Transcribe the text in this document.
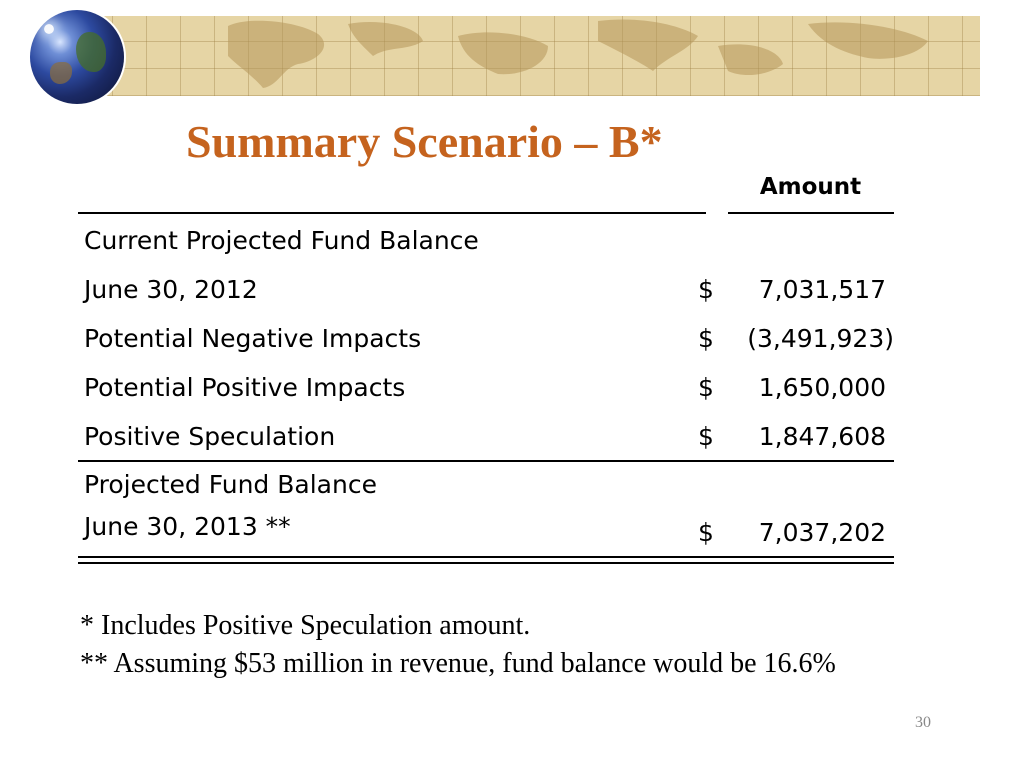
Summary Scenario – B*
Amount
Current Projected Fund Balance
June 30, 2012	$ 7,031,517
Potential Negative Impacts	$ (3,491,923)
Potential Positive Impacts	$ 1,650,000
Positive Speculation	$ 1,847,608
Projected Fund Balance
June 30, 2013 **	$ 7,037,202
* Includes Positive Speculation amount.
** Assuming $53 million in revenue, fund balance would be 16.6%
30
